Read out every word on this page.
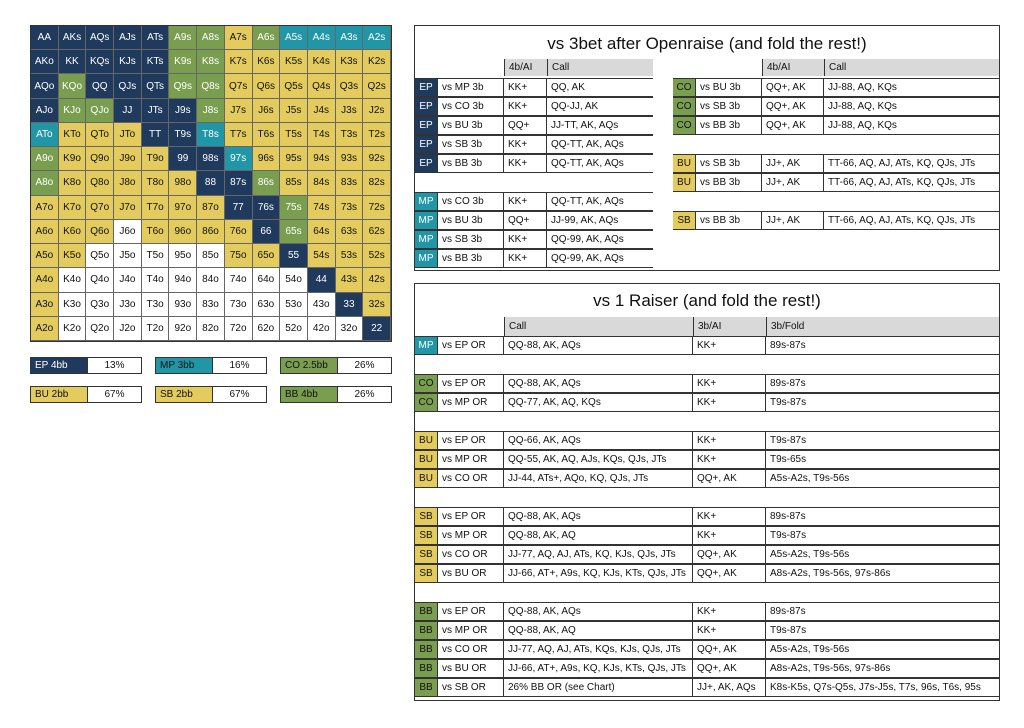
AA	AKs AQs AJs	ATs	A9s	A8s	A7s	A6s	A5s	A4s	A3s	A2s
AKo	KK	KQs KJs	KTs	K9s	K8s	K7s	K6s	K5s	K4s	K3s	K2s
AQo KQo QQ	QJs QTs Q9s Q8s Q7s Q6s Q5s Q4s Q3s Q2s
AJo	KJo QJo	JJ	JTs	J9s	J8s	J7s	J6s	J5s	J4s	J3s	J2s
ATo	KTo QTo	JTo	TT	T9s	T8s	T7s	T6s	T5s	T4s	T3s	T2s
A9o K9o Q9o	J9o	T9o	99	98s	97s	96s	95s	94s	93s	92s
A8o K8o Q8o	J8o	T8o	98o	88	87s	86s	85s	84s	83s	82s
A7o K7o Q7o	J7o	T7o	97o	87o	77	76s	75s	74s	73s	72s
A6o K6o Q6o	J6o	T6o	96o	86o	76o	66	65s	64s	63s	62s
A5o K5o Q5o	J5o	T5o	95o	85o	75o	65o	55	54s	53s	52s
A4o K4o Q4o	J4o	T4o	94o	84o	74o	64o	54o	44	43s	42s
A3o K3o Q3o	J3o	T3o	93o	83o	73o	63o	53o	43o	33	32s
A2o K2o Q2o	J2o	T2o	92o	82o	72o	62o	52o	42o	32o	22
EP 4bb	13%	MP 3bb	16%	CO 2.5bb	26%
BU 2bb	67%	SB 2bb	67%	BB 4bb	26%
vs 3bet after Openraise (and fold the rest!)
4b/AI	Call	4b/AI	Call
EP vs MP 3b	KK+	QQ, AK
EP vs CO 3b	KK+	QQ-JJ, AK
EP vs BU 3b	QQ+	JJ-TT, AK, AQs
EP vs SB 3b	KK+	QQ-TT, AK, AQs
EP vs BB 3b	KK+	QQ-TT, AK, AQs
MP vs CO 3b	KK+	QQ-TT, AK, AQs
MP vs BU 3b	QQ+	JJ-99, AK, AQs
MP vs SB 3b	KK+	QQ-99, AK, AQs
MP vs BB 3b	KK+	QQ-99, AK, AQs
CO vs BU 3b	QQ+, AK	JJ-88, AQ, KQs
CO vs SB 3b	QQ+, AK	JJ-88, AQ, KQs
CO vs BB 3b	QQ+, AK	JJ-88, AQ, KQs
BU vs SB 3b	JJ+, AK	TT-66, AQ, AJ, ATs, KQ, QJs, JTs
BU vs BB 3b	JJ+, AK	TT-66, AQ, AJ, ATs, KQ, QJs, JTs
SB vs BB 3b	JJ+, AK	TT-66, AQ, AJ, ATs, KQ, QJs, JTs
vs 1 Raiser (and fold the rest!)
Call	3b/AI	3b/Fold
MP vs EP OR	QQ-88, AK, AQs	KK+	89s-87s
CO vs EP OR	QQ-88, AK, AQs	KK+	89s-87s
CO vs MP OR	QQ-77, AK, AQ, KQs	KK+	T9s-87s
BU vs EP OR	QQ-66, AK, AQs	KK+	T9s-87s
BU vs MP OR	QQ-55, AK, AQ, AJs, KQs, QJs, JTs	KK+	T9s-65s
BU vs CO OR	JJ-44, ATs+, AQo, KQ, QJs, JTs	QQ+, AK	A5s-A2s, T9s-56s
SB vs EP OR	QQ-88, AK, AQs	KK+	89s-87s
SB vs MP OR	QQ-88, AK, AQ	KK+	T9s-87s
SB vs CO OR	JJ-77, AQ, AJ, ATs, KQ, KJs, QJs, JTs	QQ+, AK	A5s-A2s, T9s-56s
SB vs BU OR	JJ-66, AT+, A9s, KQ, KJs, KTs, QJs, JTs	QQ+, AK	A8s-A2s, T9s-56s, 97s-86s
BB vs EP OR	QQ-88, AK, AQs	KK+	89s-87s
BB vs MP OR	QQ-88, AK, AQ	KK+	T9s-87s
BB vs CO OR	JJ-77, AQ, AJ, ATs, KQs, KJs, QJs, JTs	QQ+, AK	A5s-A2s, T9s-56s
BB vs BU OR	JJ-66, AT+, A9s, KQ, KJs, KTs, QJs, JTs	QQ+, AK	A8s-A2s, T9s-56s, 97s-86s
BB vs SB OR	26% BB OR (see Chart)	JJ+, AK, AQs	K8s-K5s, Q7s-Q5s, J7s-J5s, T7s, 96s, T6s, 95s
